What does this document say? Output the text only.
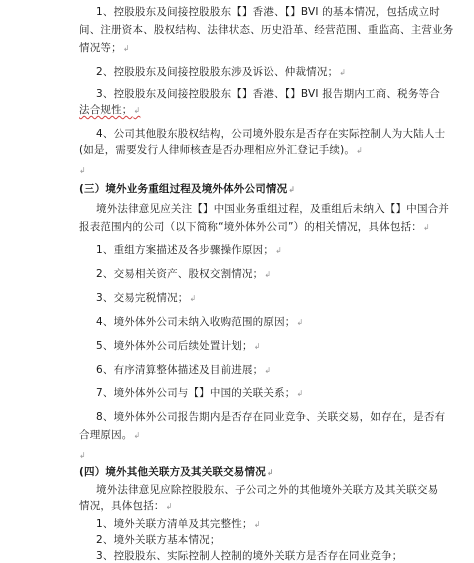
1、控股股东及间接控股股东【】香港、【】BVI 的基本情况，包括成立时
间、注册资本、股权结构、法律状态、历史沿革、经营范围、重监高、主营业务
情况等；↲
2、控股股东及间接控股股东涉及诉讼、仲裁情况；↲
3、控股股东及间接控股股东【】香港、【】BVI 报告期内工商、税务等合
法合规性；↲
4、公司其他股东股权结构，公司境外股东是否存在实际控制人为大陆人士
(如是，需要发行人律师核查是否办理相应外汇登记手续)。↲
↲
(三）境外业务重组过程及境外体外公司情况↲
境外法律意见应关注【】中国业务重组过程，及重组后未纳入【】中国合并
报表范围内的公司（以下简称“境外体外公司”）的相关情况，具体包括：↲
1、重组方案描述及各步骤操作原因；↲
2、交易相关资产、股权交割情况；↲
3、交易完税情况；↲
4、境外体外公司未纳入收购范围的原因；↲
5、境外体外公司后续处置计划；↲
6、有序清算整体描述及目前进展；↲
7、境外体外公司与【】中国的关联关系；↲
8、境外体外公司报告期内是否存在同业竞争、关联交易，如存在，是否有
合理原因。↲
↲
(四）境外其他关联方及其关联交易情况↲
境外法律意见应除控股股东、子公司之外的其他境外关联方及其关联交易
情况，具体包括：↲
1、境外关联方清单及其完整性；↲
2、境外关联方基本情况；
3、控股股东、实际控制人控制的境外关联方是否存在同业竞争；
